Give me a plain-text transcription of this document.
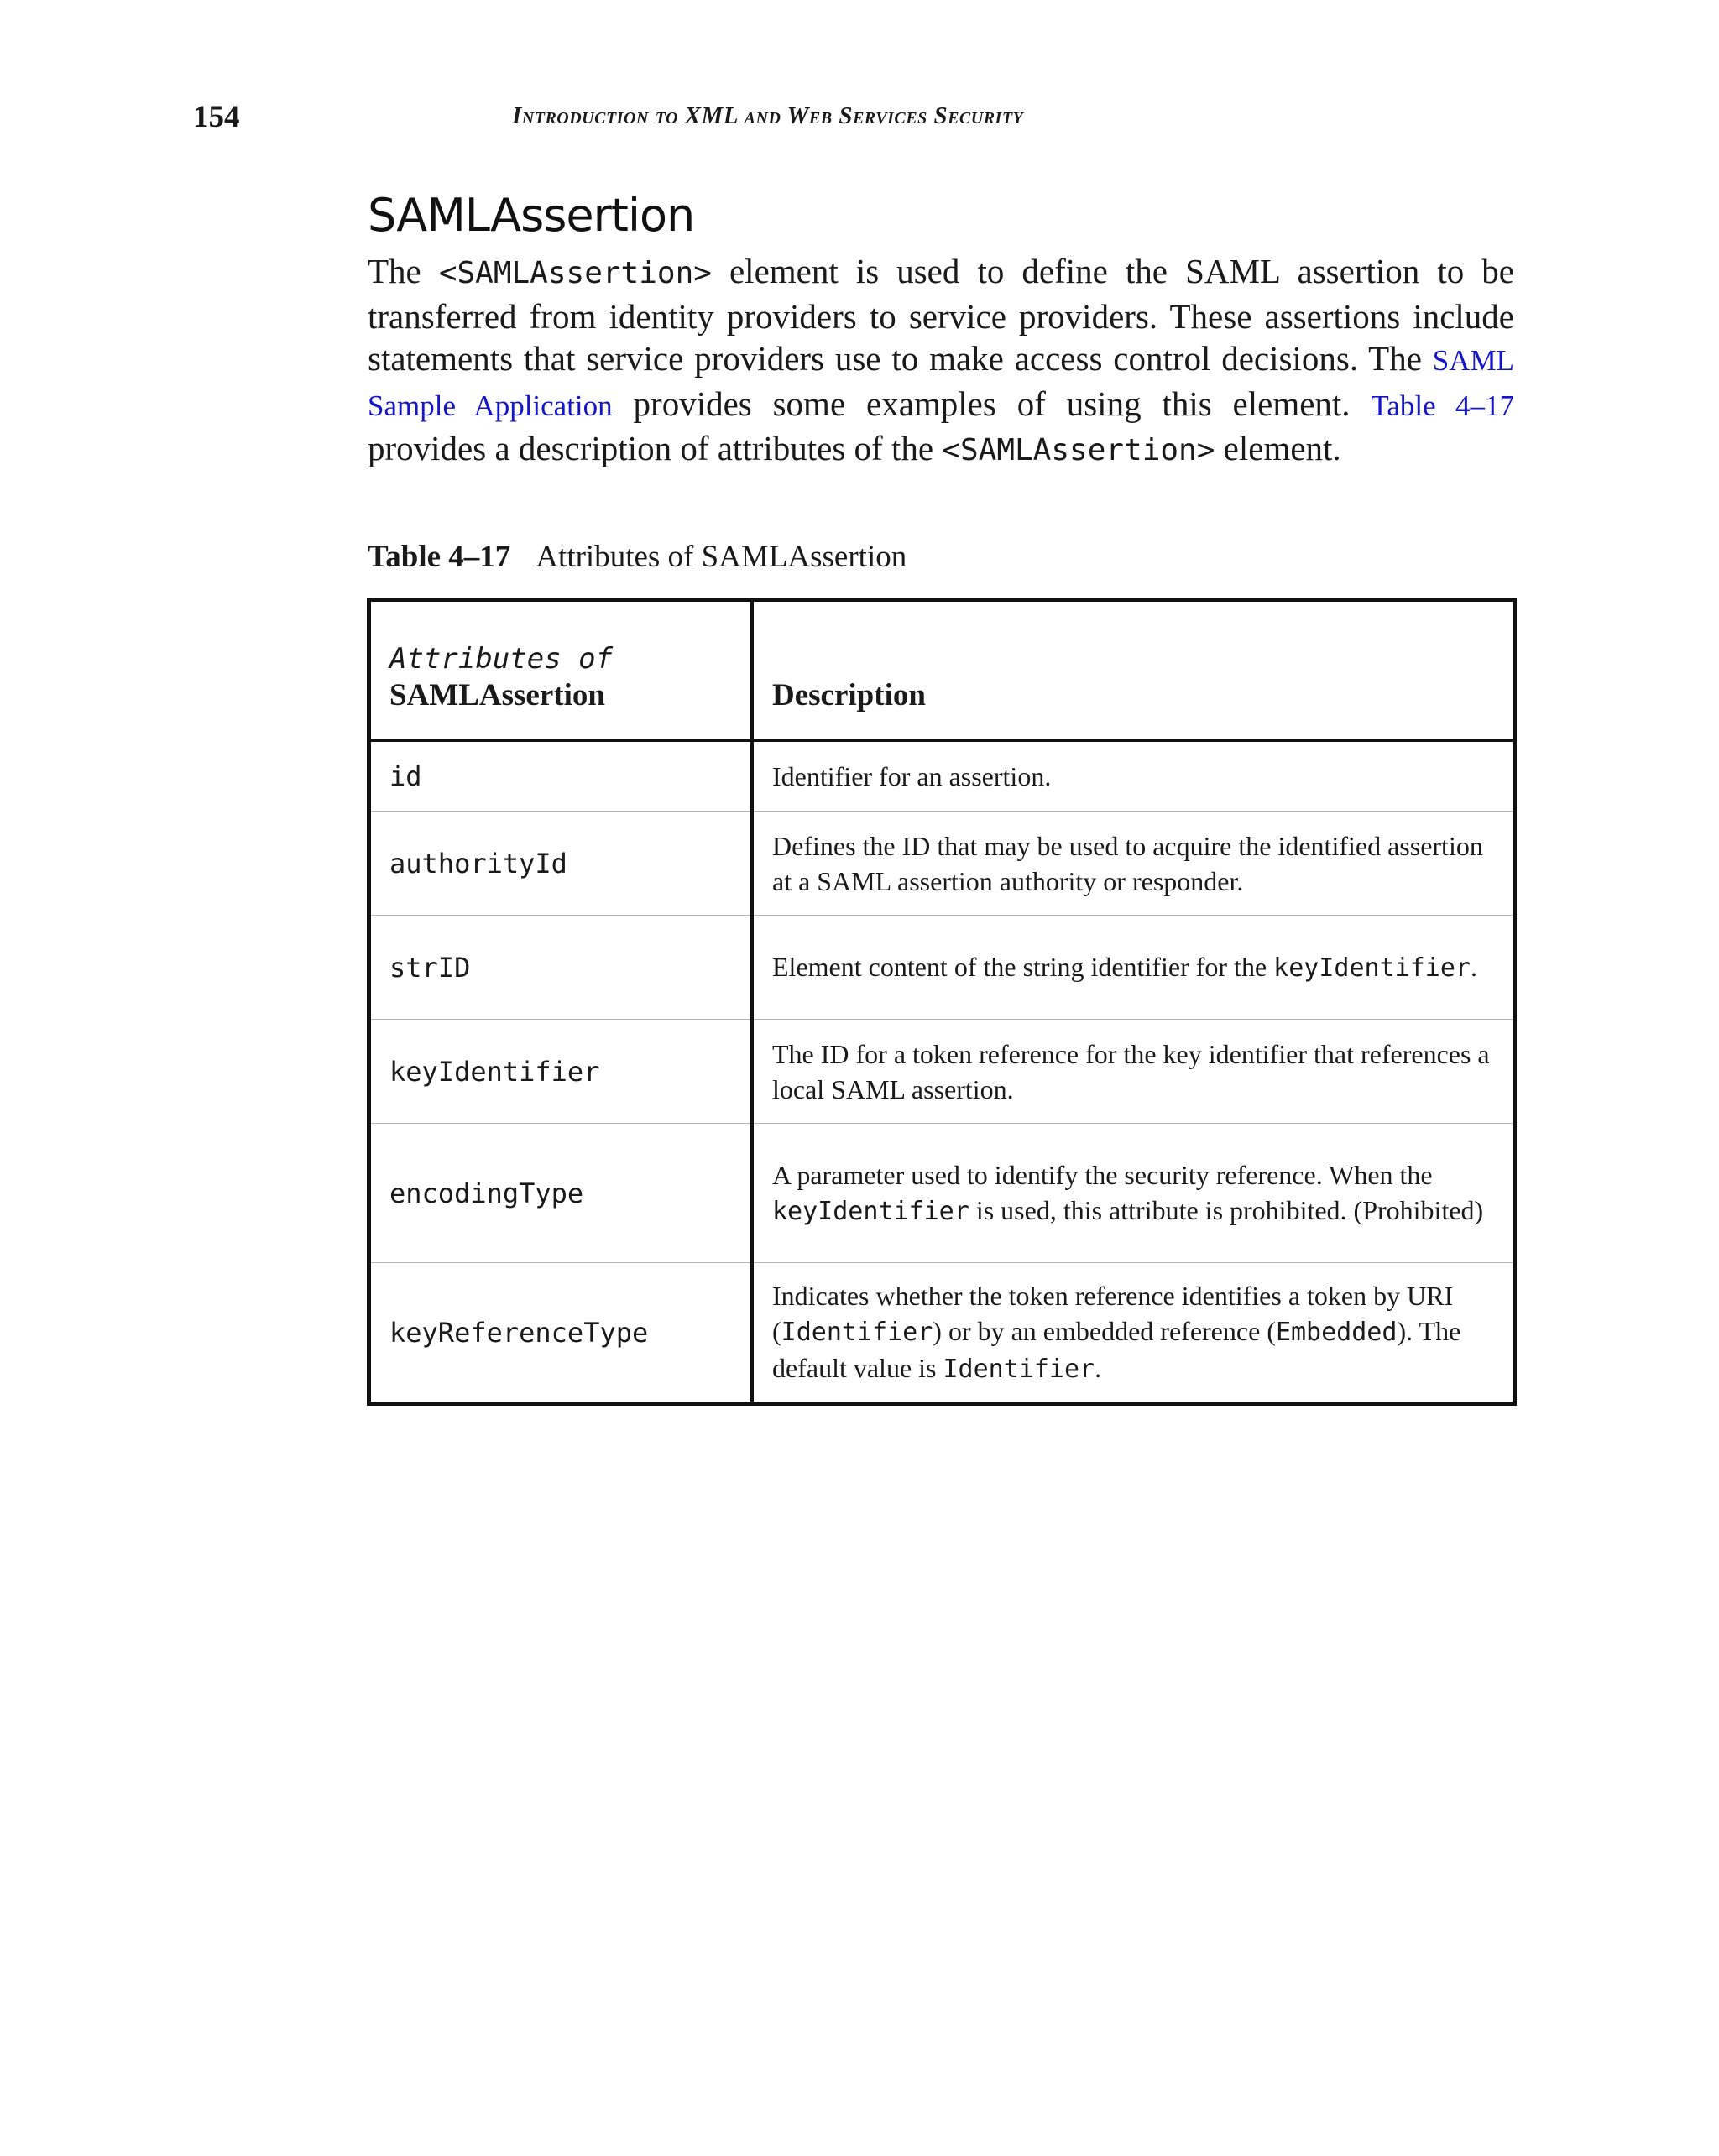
154	Introduction to XML and Web Services Security
SAMLAssertion

The <SAMLAssertion> element is used to define the SAML assertion to be transferred from identity providers to service providers. These assertions include statements that service providers use to make access control decisions. The SAML Sample Application provides some examples of using this element. Table 4–17 provides a description of attributes of the <SAMLAssertion> element.

Table 4–17 Attributes of SAMLAssertion
Attributes of
SAMLAssertion	Description
id	Identifier for an assertion.
authorityId	Defines the ID that may be used to acquire the identified assertion at a SAML assertion authority or responder.
strID	Element content of the string identifier for the keyIdentifier.
keyIdentifier	The ID for a token reference for the key identifier that references a local SAML assertion.
encodingType	A parameter used to identify the security reference. When the keyIdentifier is used, this attribute is prohibited. (Prohibited)
keyReferenceType	Indicates whether the token reference identifies a token by URI (Identifier) or by an embedded reference (Embedded). The default value is Identifier.
